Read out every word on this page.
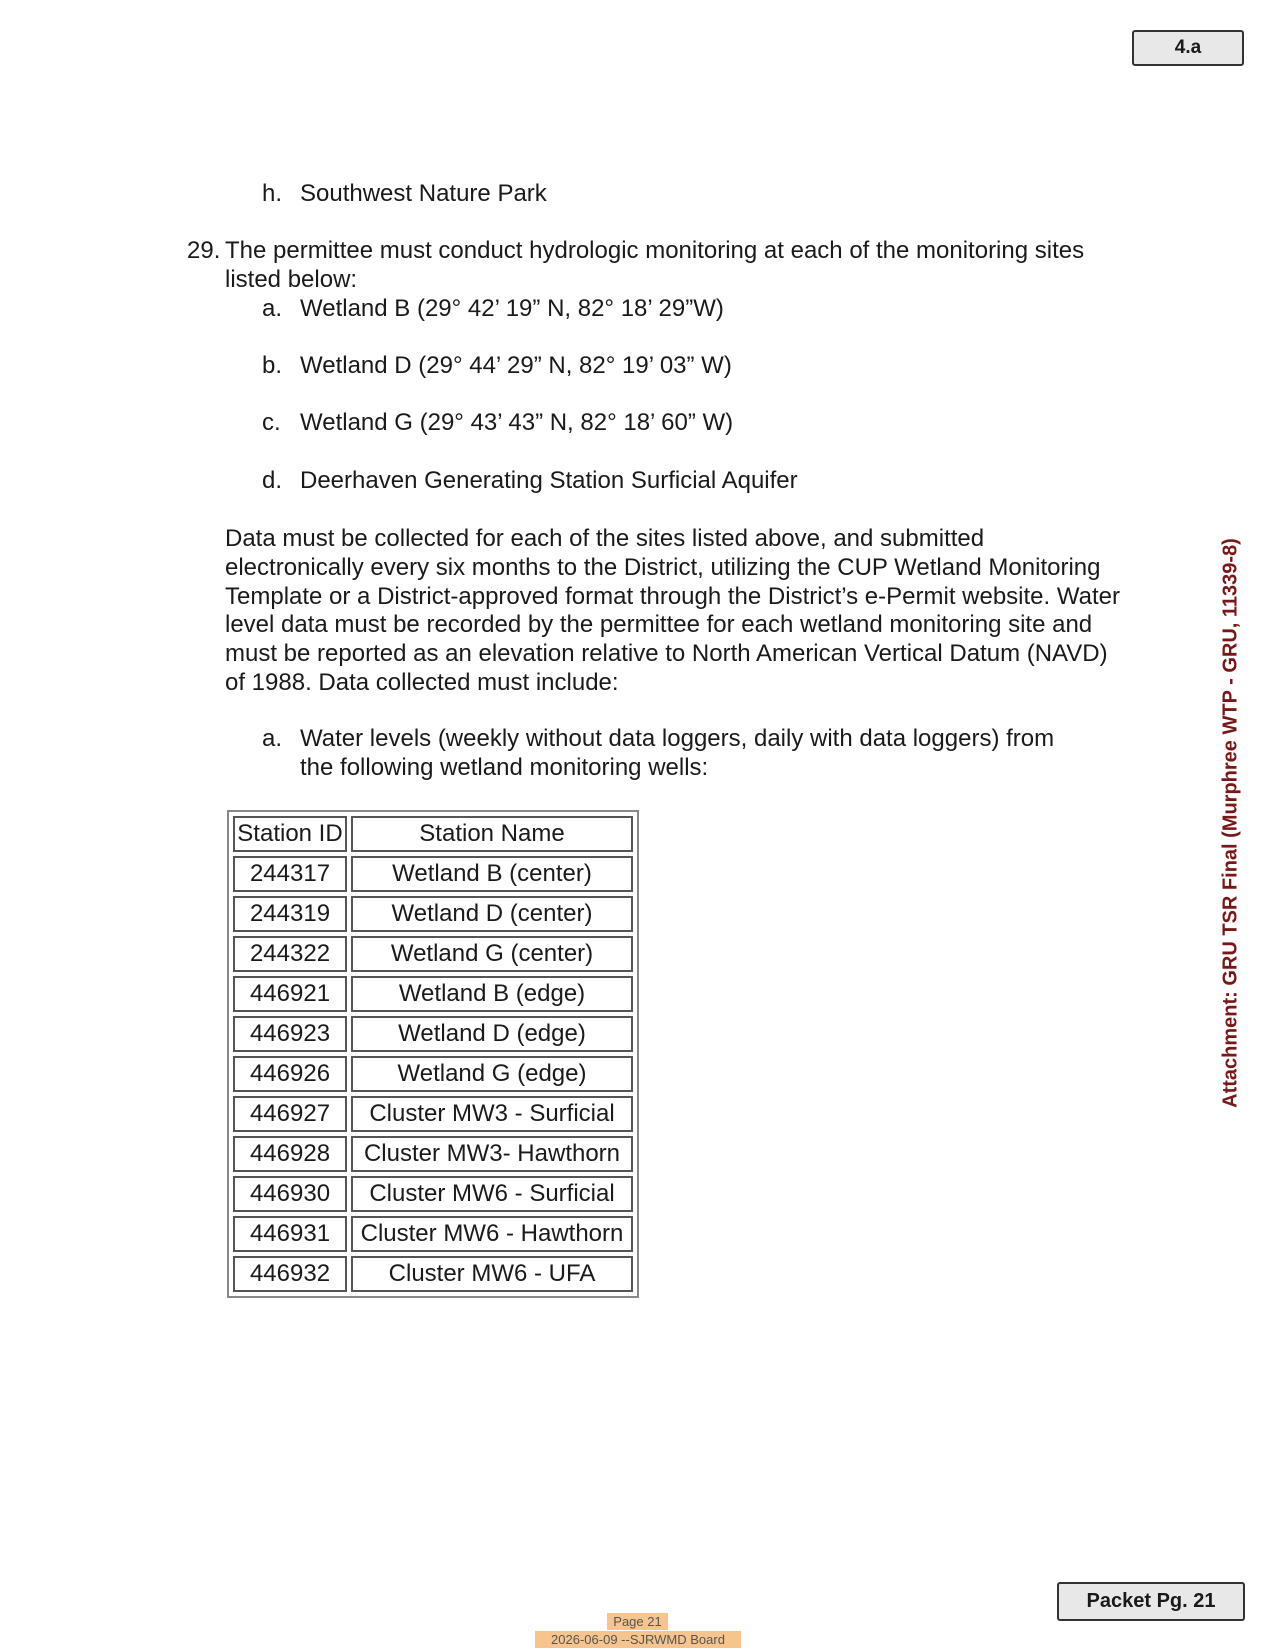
4.a
Attachment: GRU TSR Final (Murphree WTP - GRU, 11339-8)
h. Southwest Nature Park
29. The permittee must conduct hydrologic monitoring at each of the monitoring sites
listed below:
a. Wetland B (29° 42’ 19” N, 82° 18’ 29”W)
b. Wetland D (29° 44’ 29” N, 82° 19’ 03” W)
c. Wetland G (29° 43’ 43” N, 82° 18’ 60” W)
d. Deerhaven Generating Station Surficial Aquifer
Data must be collected for each of the sites listed above, and submitted electronically every six months to the District, utilizing the CUP Wetland Monitoring Template or a District-approved format through the District’s e-Permit website. Water level data must be recorded by the permittee for each wetland monitoring site and must be reported as an elevation relative to North American Vertical Datum (NAVD) of 1988. Data collected must include:
a. Water levels (weekly without data loggers, daily with data loggers) from
the following wetland monitoring wells:
Station ID	Station Name
244317	Wetland B (center)
244319	Wetland D (center)
244322	Wetland G (center)
446921	Wetland B (edge)
446923	Wetland D (edge)
446926	Wetland G (edge)
446927	Cluster MW3 - Surficial
446928	Cluster MW3- Hawthorn
446930	Cluster MW6 - Surficial
446931	Cluster MW6 - Hawthorn
446932	Cluster MW6 - UFA
Packet Pg. 21
Page 21
2026-06-09 --SJRWMD Board
